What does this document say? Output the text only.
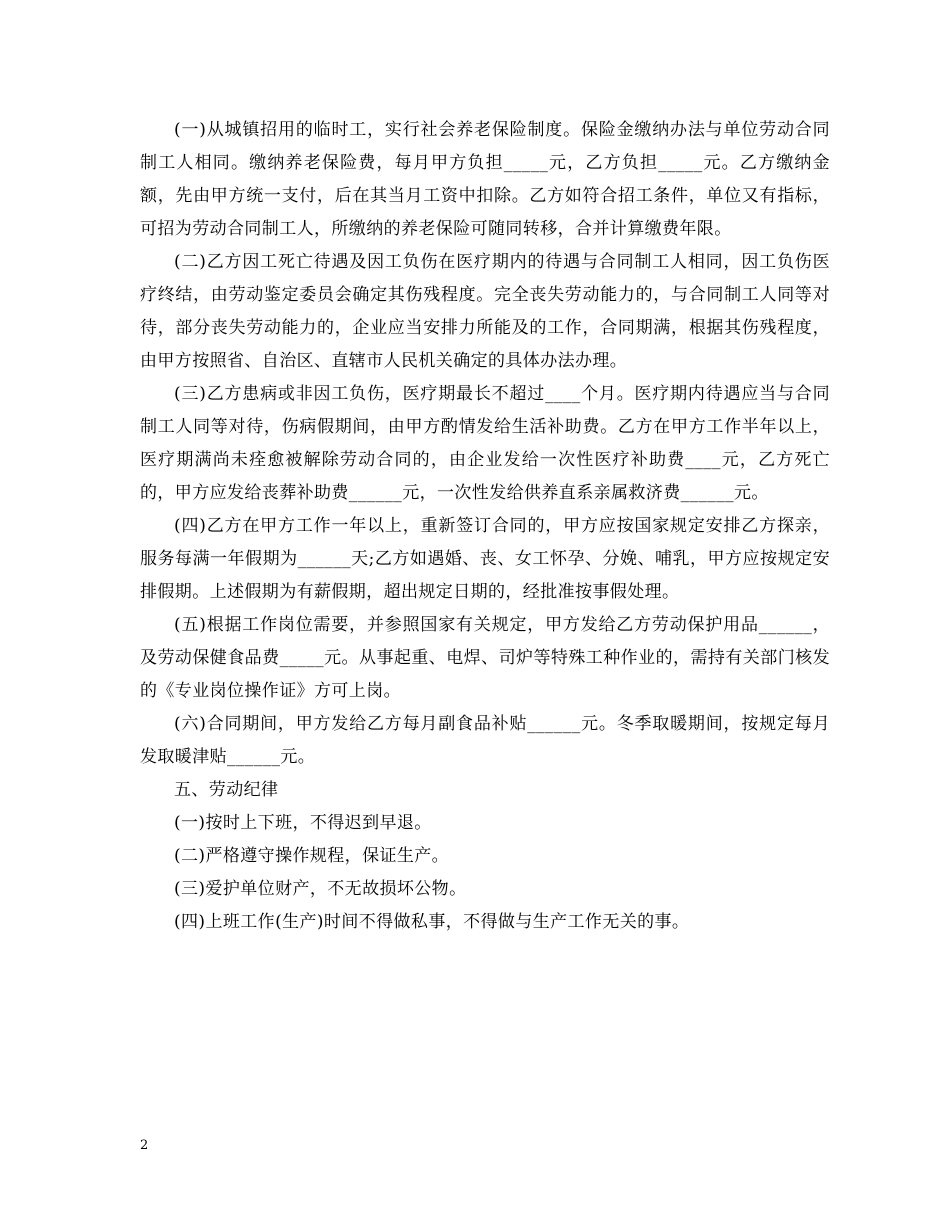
(一)从城镇招用的临时工，实行社会养老保险制度。保险金缴纳办法与单位劳动合同制工人相同。缴纳养老保险费，每月甲方负担_____元，乙方负担_____元。乙方缴纳金额，先由甲方统一支付，后在其当月工资中扣除。乙方如符合招工条件，单位又有指标，可招为劳动合同制工人，所缴纳的养老保险可随同转移，合并计算缴费年限。

(二)乙方因工死亡待遇及因工负伤在医疗期内的待遇与合同制工人相同，因工负伤医疗终结，由劳动鉴定委员会确定其伤残程度。完全丧失劳动能力的，与合同制工人同等对待，部分丧失劳动能力的，企业应当安排力所能及的工作，合同期满，根据其伤残程度，由甲方按照省、自治区、直辖市人民机关确定的具体办法办理。

(三)乙方患病或非因工负伤，医疗期最长不超过____个月。医疗期内待遇应当与合同制工人同等对待，伤病假期间，由甲方酌情发给生活补助费。乙方在甲方工作半年以上，医疗期满尚未痊愈被解除劳动合同的，由企业发给一次性医疗补助费____元，乙方死亡的，甲方应发给丧葬补助费______元，一次性发给供养直系亲属救济费______元。

(四)乙方在甲方工作一年以上，重新签订合同的，甲方应按国家规定安排乙方探亲，服务每满一年假期为______天;乙方如遇婚、丧、女工怀孕、分娩、哺乳，甲方应按规定安排假期。上述假期为有薪假期，超出规定日期的，经批准按事假处理。

(五)根据工作岗位需要，并参照国家有关规定，甲方发给乙方劳动保护用品______，及劳动保健食品费_____元。从事起重、电焊、司炉等特殊工种作业的，需持有关部门核发的《专业岗位操作证》方可上岗。

(六)合同期间，甲方发给乙方每月副食品补贴______元。冬季取暖期间，按规定每月发取暖津贴______元。

五、劳动纪律

(一)按时上下班，不得迟到早退。

(二)严格遵守操作规程，保证生产。

(三)爱护单位财产，不无故损坏公物。

(四)上班工作(生产)时间不得做私事，不得做与生产工作无关的事。

2
